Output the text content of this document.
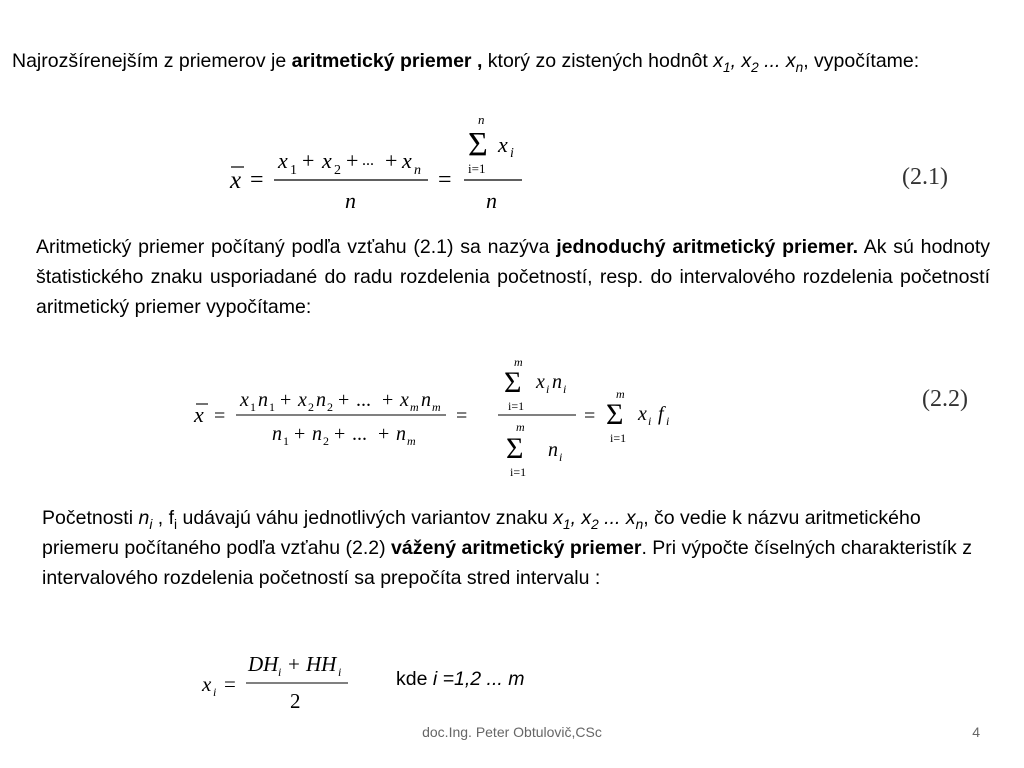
Najrozšírenejším z priemerov je aritmetický priemer , ktorý zo zistených hodnôt $x_1$, $x_2$ ... $x_n$, vypočítame:

x =
x 1 + x 2 + ... + x n
n
=
n
Σ x i
i=1
n
(2.1)

Aritmetický priemer počítaný podľa vzťahu (2.1) sa nazýva jednoduchý aritmetický priemer. Ak sú hodnoty štatistického znaku usporiadané do radu rozdelenia početností, resp. do intervalového rozdelenia početností aritmetický priemer vypočítame:

x =
x 1 n 1 + x 2 n 2 + ... + x m n m
n 1 + n 2 + ... + n m
=
m
Σ x i n i
i=1
m
Σ n i
i=1
=
m
Σ x i f i
i=1
(2.2)

Početnosti $n_i$ , $f_i$ udávajú váhu jednotlivých variantov znaku $x_1$, $x_2$ ... $x_n$, čo vedie k názvu aritmetického priemeru počítaného podľa vzťahu (2.2) vážený aritmetický priemer. Pri výpočte číselných charakteristík z intervalového rozdelenia početností sa prepočíta stred intervalu :

x i =
DH i + HH i
2
kde i =1,2 ... m
doc.Ing. Peter Obtulovič,CSc	4
